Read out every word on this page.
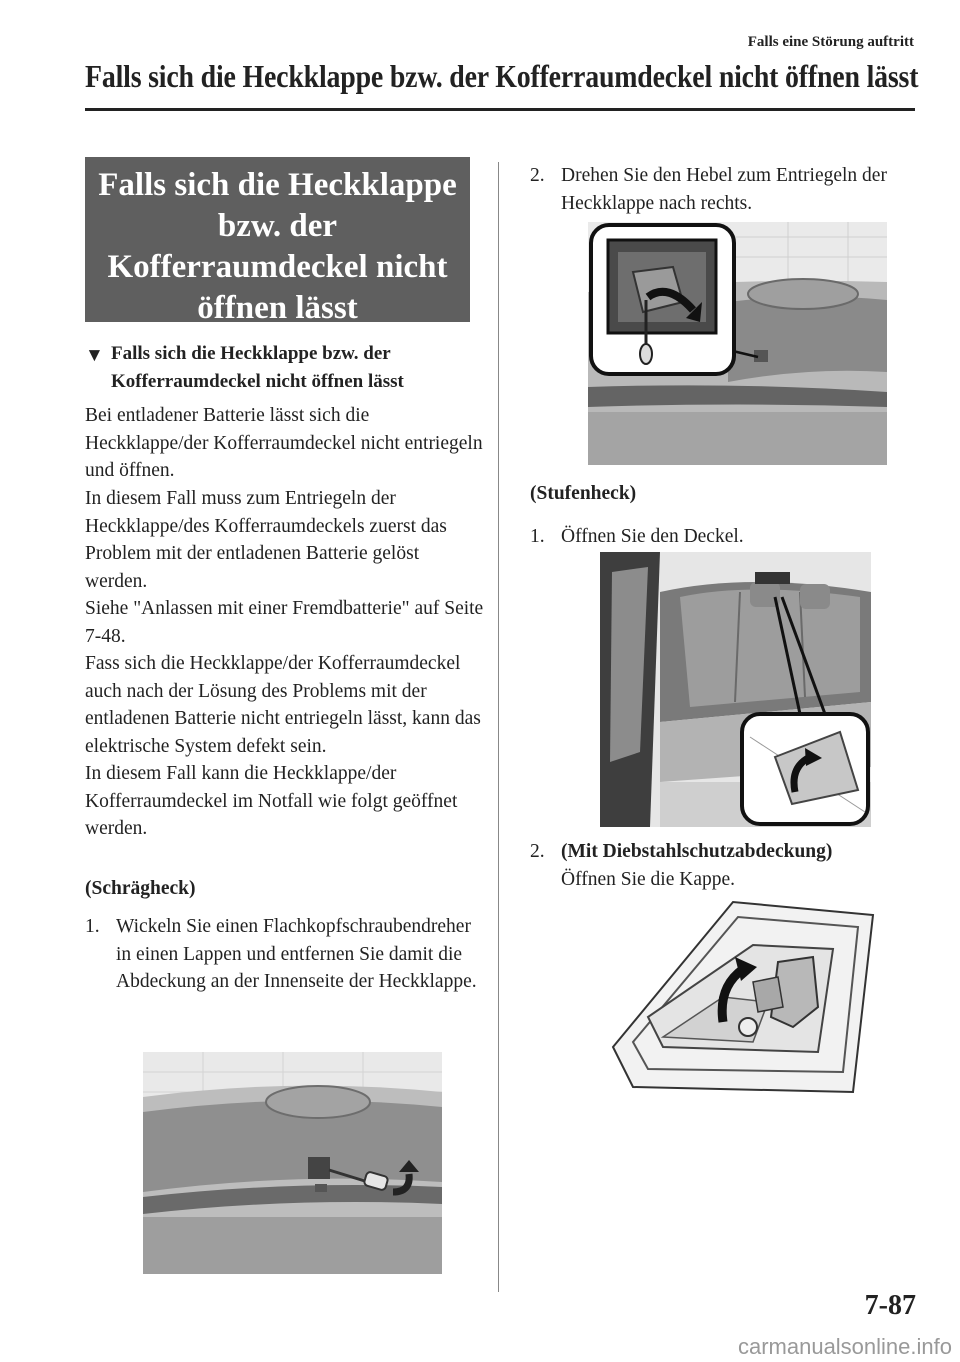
Falls eine Störung auftritt
Falls sich die Heckklappe bzw. der Kofferraumdeckel nicht öffnen lässt
Falls sich die Heckklappe
bzw. der
Kofferraumdeckel nicht
öffnen lässt
▼ Falls sich die Heckklappe bzw. der Kofferraumdeckel nicht öffnen lässt
Bei entladener Batterie lässt sich die Heckklappe/der Kofferraumdeckel nicht entriegeln und öffnen.
In diesem Fall muss zum Entriegeln der Heckklappe/des Kofferraumdeckels zuerst das Problem mit der entladenen Batterie gelöst werden.
Siehe "Anlassen mit einer Fremdbatterie" auf Seite 7-48.
Fass sich die Heckklappe/der Kofferraumdeckel auch nach der Lösung des Problems mit der entladenen Batterie nicht entriegeln lässt, kann das elektrische System defekt sein.
In diesem Fall kann die Heckklappe/der Kofferraumdeckel im Notfall wie folgt geöffnet werden.
(Schrägheck)
1. Wickeln Sie einen Flachkopfschraubendreher in einen Lappen und entfernen Sie damit die Abdeckung an der Innenseite der Heckklappe.
2. Drehen Sie den Hebel zum Entriegeln der Heckklappe nach rechts.
(Stufenheck)
1. Öffnen Sie den Deckel.
2. (Mit Diebstahlschutzabdeckung)
Öffnen Sie die Kappe.
7-87
carmanualsonline.info
